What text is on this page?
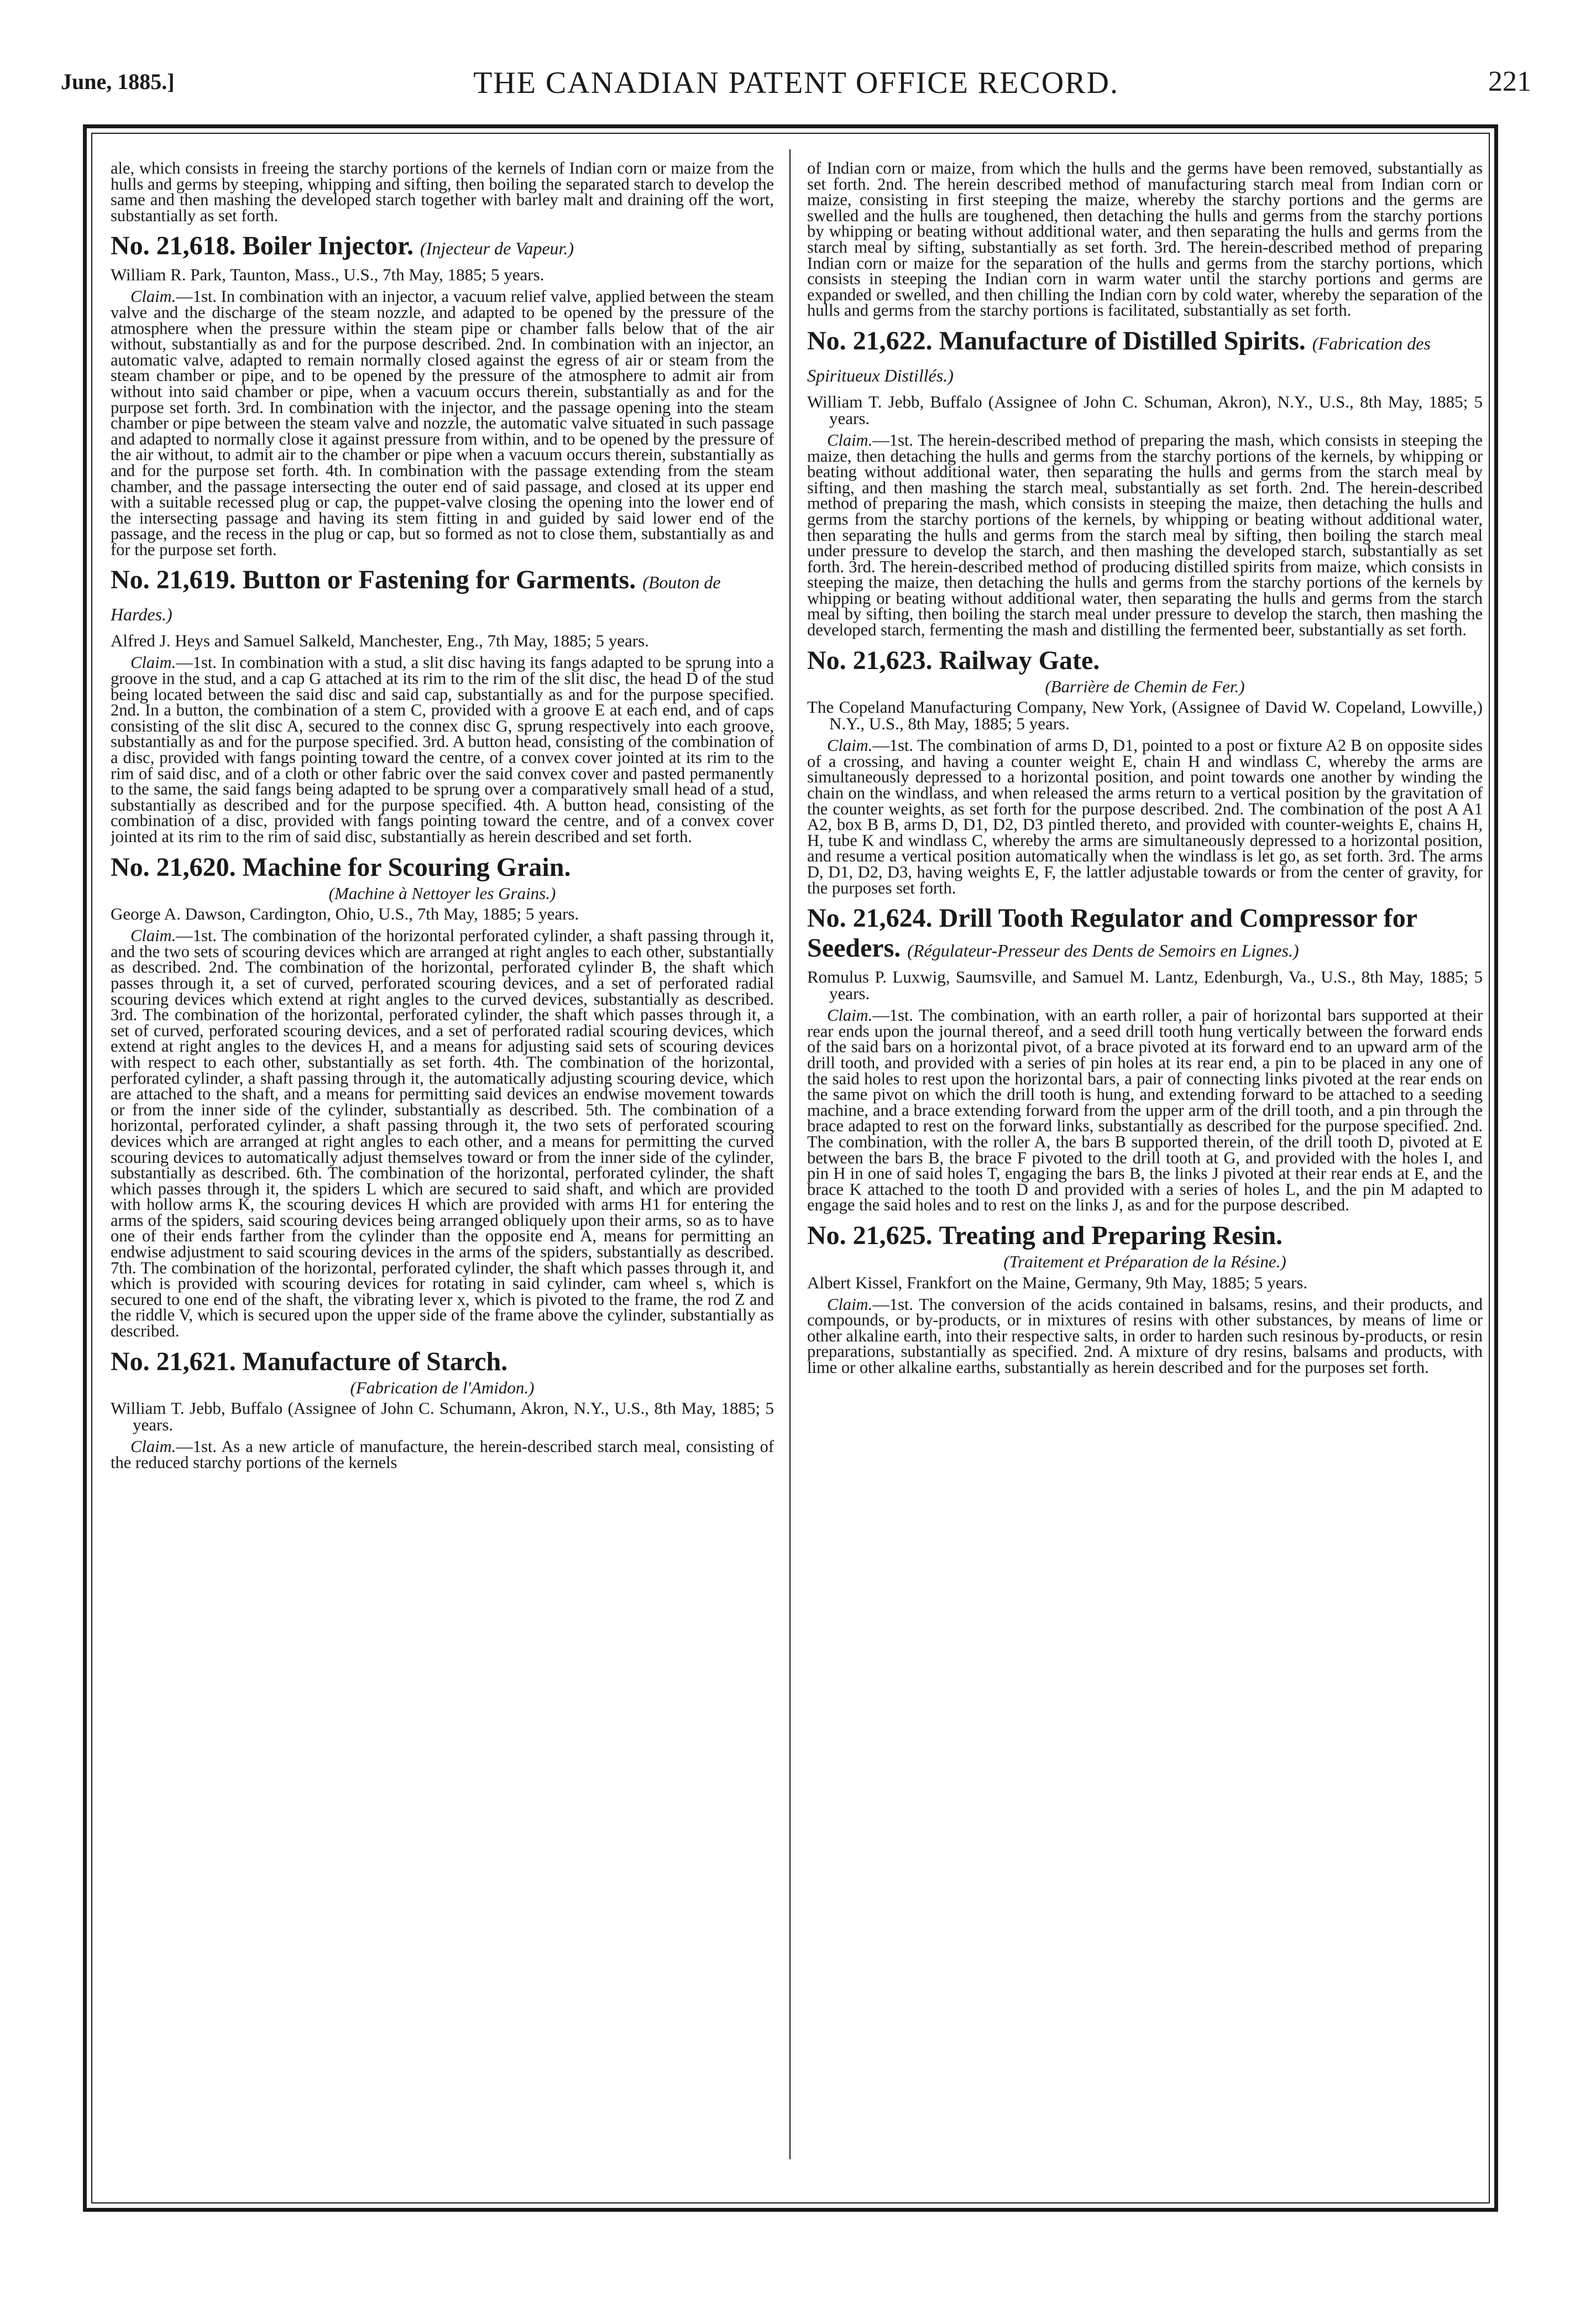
June, 1885.]	THE CANADIAN PATENT OFFICE RECORD.	221

ale, which consists in freeing the starchy portions of the kernels of Indian corn or maize from the hulls and germs by steeping, whipping and sifting, then boiling the separated starch to develop the same and then mashing the developed starch together with barley malt and draining off the wort, substantially as set forth.

No. 21,618. Boiler Injector. (Injecteur de Vapeur.)
William R. Park, Taunton, Mass., U.S., 7th May, 1885; 5 years.

Claim.—1st. In combination with an injector, a vacuum relief valve, applied between the steam valve and the discharge of the steam nozzle, and adapted to be opened by the pressure of the atmosphere when the pressure within the steam pipe or chamber falls below that of the air without, substantially as and for the purpose described. 2nd. In combination with an injector, an automatic valve, adapted to remain normally closed against the egress of air or steam from the steam chamber or pipe, and to be opened by the pressure of the atmosphere to admit air from without into said chamber or pipe, when a vacuum occurs therein, substantially as and for the purpose set forth. 3rd. In combination with the injector, and the passage opening into the steam chamber or pipe between the steam valve and nozzle, the automatic valve situated in such passage and adapted to normally close it against pressure from within, and to be opened by the pressure of the air without, to admit air to the chamber or pipe when a vacuum occurs therein, substantially as and for the purpose set forth. 4th. In combination with the passage extending from the steam chamber, and the passage intersecting the outer end of said passage, and closed at its upper end with a suitable recessed plug or cap, the puppet-valve closing the opening into the lower end of the intersecting passage and having its stem fitting in and guided by said lower end of the passage, and the recess in the plug or cap, but so formed as not to close them, substantially as and for the purpose set forth.

No. 21,619. Button or Fastening for Garments. (Bouton de Hardes.)
Alfred J. Heys and Samuel Salkeld, Manchester, Eng., 7th May, 1885; 5 years.

Claim.—1st. In combination with a stud, a slit disc having its fangs adapted to be sprung into a groove in the stud, and a cap G attached at its rim to the rim of the slit disc, the head D of the stud being located between the said disc and said cap, substantially as and for the purpose specified. 2nd. In a button, the combination of a stem C, provided with a groove E at each end, and of caps consisting of the slit disc A, secured to the connex disc G, sprung respectively into each groove, substantially as and for the purpose specified. 3rd. A button head, consisting of the combination of a disc, provided with fangs pointing toward the centre, of a convex cover jointed at its rim to the rim of said disc, and of a cloth or other fabric over the said convex cover and pasted permanently to the same, the said fangs being adapted to be sprung over a comparatively small head of a stud, substantially as described and for the purpose specified. 4th. A button head, consisting of the combination of a disc, provided with fangs pointing toward the centre, and of a convex cover jointed at its rim to the rim of said disc, substantially as herein described and set forth.

No. 21,620. Machine for Scouring Grain.
(Machine à Nettoyer les Grains.)
George A. Dawson, Cardington, Ohio, U.S., 7th May, 1885; 5 years.

Claim.—1st. The combination of the horizontal perforated cylinder, a shaft passing through it, and the two sets of scouring devices which are arranged at right angles to each other, substantially as described. 2nd. The combination of the horizontal, perforated cylinder B, the shaft which passes through it, a set of curved, perforated scouring devices, and a set of perforated radial scouring devices which extend at right angles to the curved devices, substantially as described. 3rd. The combination of the horizontal, perforated cylinder, the shaft which passes through it, a set of curved, perforated scouring devices, and a set of perforated radial scouring devices, which extend at right angles to the devices H, and a means for adjusting said sets of scouring devices with respect to each other, substantially as set forth. 4th. The combination of the horizontal, perforated cylinder, a shaft passing through it, the automatically adjusting scouring device, which are attached to the shaft, and a means for permitting said devices an endwise movement towards or from the inner side of the cylinder, substantially as described. 5th. The combination of a horizontal, perforated cylinder, a shaft passing through it, the two sets of perforated scouring devices which are arranged at right angles to each other, and a means for permitting the curved scouring devices to automatically adjust themselves toward or from the inner side of the cylinder, substantially as described. 6th. The combination of the horizontal, perforated cylinder, the shaft which passes through it, the spiders L which are secured to said shaft, and which are provided with hollow arms K, the scouring devices H which are provided with arms H1 for entering the arms of the spiders, said scouring devices being arranged obliquely upon their arms, so as to have one of their ends farther from the cylinder than the opposite end A, means for permitting an endwise adjustment to said scouring devices in the arms of the spiders, substantially as described. 7th. The combination of the horizontal, perforated cylinder, the shaft which passes through it, and which is provided with scouring devices for rotating in said cylinder, cam wheel s, which is secured to one end of the shaft, the vibrating lever x, which is pivoted to the frame, the rod Z and the riddle V, which is secured upon the upper side of the frame above the cylinder, substantially as described.

No. 21,621. Manufacture of Starch.
(Fabrication de l'Amidon.)
William T. Jebb, Buffalo (Assignee of John C. Schumann, Akron, N.Y., U.S., 8th May, 1885; 5 years.

Claim.—1st. As a new article of manufacture, the herein-described starch meal, consisting of the reduced starchy portions of the kernels

of Indian corn or maize, from which the hulls and the germs have been removed, substantially as set forth. 2nd. The herein described method of manufacturing starch meal from Indian corn or maize, consisting in first steeping the maize, whereby the starchy portions and the germs are swelled and the hulls are toughened, then detaching the hulls and germs from the starchy portions by whipping or beating without additional water, and then separating the hulls and germs from the starch meal by sifting, substantially as set forth. 3rd. The herein-described method of preparing Indian corn or maize for the separation of the hulls and germs from the starchy portions, which consists in steeping the Indian corn in warm water until the starchy portions and germs are expanded or swelled, and then chilling the Indian corn by cold water, whereby the separation of the hulls and germs from the starchy portions is facilitated, substantially as set forth.

No. 21,622. Manufacture of Distilled Spirits. (Fabrication des Spiritueux Distillés.)
William T. Jebb, Buffalo (Assignee of John C. Schuman, Akron), N.Y., U.S., 8th May, 1885; 5 years.

Claim.—1st. The herein-described method of preparing the mash, which consists in steeping the maize, then detaching the hulls and germs from the starchy portions of the kernels, by whipping or beating without additional water, then separating the hulls and germs from the starch meal by sifting, and then mashing the starch meal, substantially as set forth. 2nd. The herein-described method of preparing the mash, which consists in steeping the maize, then detaching the hulls and germs from the starchy portions of the kernels, by whipping or beating without additional water, then separating the hulls and germs from the starch meal by sifting, then boiling the starch meal under pressure to develop the starch, and then mashing the developed starch, substantially as set forth. 3rd. The herein-described method of producing distilled spirits from maize, which consists in steeping the maize, then detaching the hulls and germs from the starchy portions of the kernels by whipping or beating without additional water, then separating the hulls and germs from the starch meal by sifting, then boiling the starch meal under pressure to develop the starch, then mashing the developed starch, fermenting the mash and distilling the fermented beer, substantially as set forth.

No. 21,623. Railway Gate.
(Barrière de Chemin de Fer.)
The Copeland Manufacturing Company, New York, (Assignee of David W. Copeland, Lowville,) N.Y., U.S., 8th May, 1885; 5 years.

Claim.—1st. The combination of arms D, D1, pointed to a post or fixture A2 B on opposite sides of a crossing, and having a counter weight E, chain H and windlass C, whereby the arms are simultaneously depressed to a horizontal position, and point towards one another by winding the chain on the windlass, and when released the arms return to a vertical position by the gravitation of the counter weights, as set forth for the purpose described. 2nd. The combination of the post A A1 A2, box B B, arms D, D1, D2, D3 pintled thereto, and provided with counter-weights E, chains H, H, tube K and windlass C, whereby the arms are simultaneously depressed to a horizontal position, and resume a vertical position automatically when the windlass is let go, as set forth. 3rd. The arms D, D1, D2, D3, having weights E, F, the lattler adjustable towards or from the center of gravity, for the purposes set forth.

No. 21,624. Drill Tooth Regulator and Compressor for Seeders. (Régulateur-Presseur des Dents de Semoirs en Lignes.)
Romulus P. Luxwig, Saumsville, and Samuel M. Lantz, Edenburgh, Va., U.S., 8th May, 1885; 5 years.

Claim.—1st. The combination, with an earth roller, a pair of horizontal bars supported at their rear ends upon the journal thereof, and a seed drill tooth hung vertically between the forward ends of the said bars on a horizontal pivot, of a brace pivoted at its forward end to an upward arm of the drill tooth, and provided with a series of pin holes at its rear end, a pin to be placed in any one of the said holes to rest upon the horizontal bars, a pair of connecting links pivoted at the rear ends on the same pivot on which the drill tooth is hung, and extending forward to be attached to a seeding machine, and a brace extending forward from the upper arm of the drill tooth, and a pin through the brace adapted to rest on the forward links, substantially as described for the purpose specified. 2nd. The combination, with the roller A, the bars B supported therein, of the drill tooth D, pivoted at E between the bars B, the brace F pivoted to the drill tooth at G, and provided with the holes I, and pin H in one of said holes T, engaging the bars B, the links J pivoted at their rear ends at E, and the brace K attached to the tooth D and provided with a series of holes L, and the pin M adapted to engage the said holes and to rest on the links J, as and for the purpose described.

No. 21,625. Treating and Preparing Resin.
(Traitement et Préparation de la Résine.)
Albert Kissel, Frankfort on the Maine, Germany, 9th May, 1885; 5 years.

Claim.—1st. The conversion of the acids contained in balsams, resins, and their products, and compounds, or by-products, or in mixtures of resins with other substances, by means of lime or other alkaline earth, into their respective salts, in order to harden such resinous by-products, or resin preparations, substantially as specified. 2nd. A mixture of dry resins, balsams and products, with lime or other alkaline earths, substantially as herein described and for the purposes set forth.
